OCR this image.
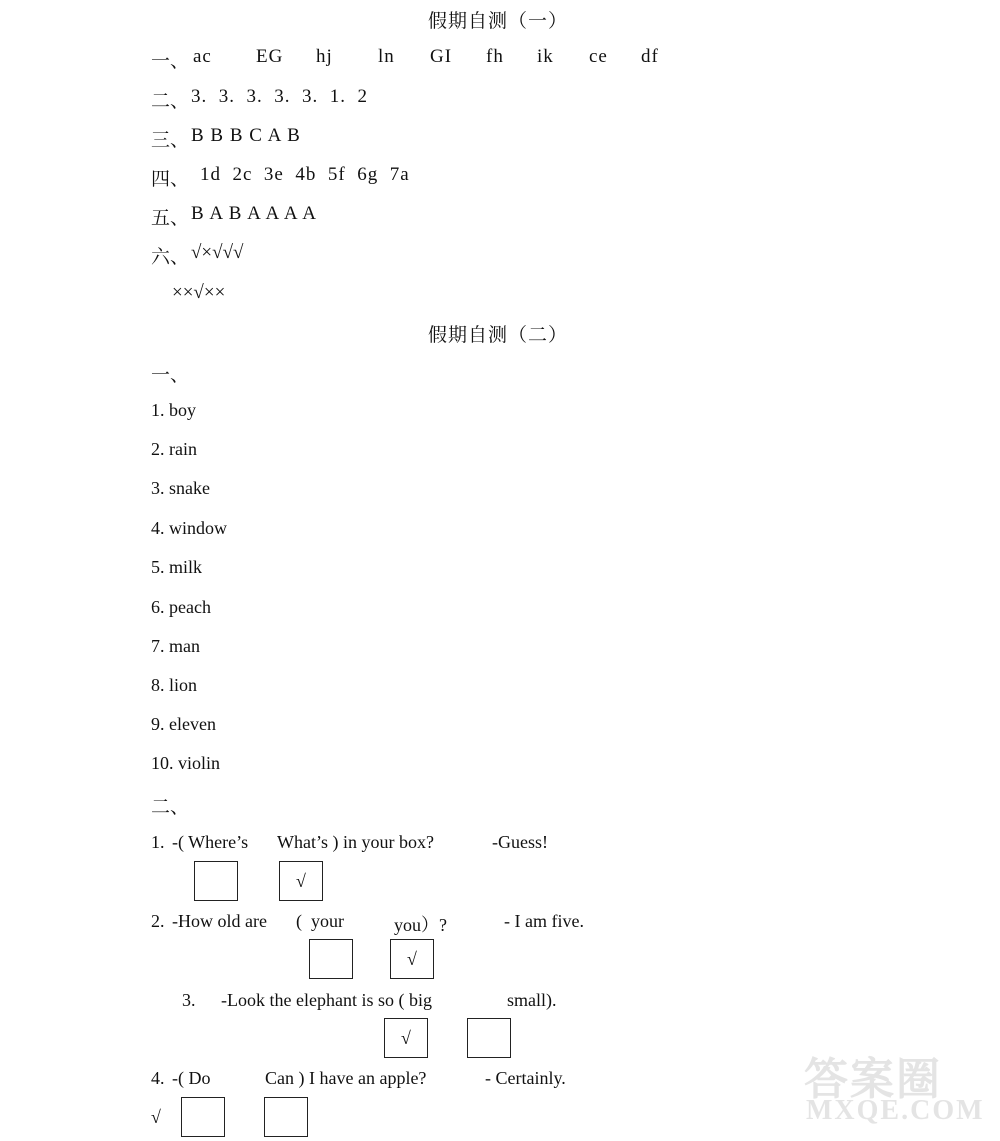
假期自测（一）
一、 ac EG hj ln GI fh ik ce df
二、 3.  3.  3.  3.  3.  1.  2
三、 B B B C A B
四、 1d  2c  3e  4b  5f  6g  7a
五、 B A B A A A A
六、 √×√√√
××√××
假期自测（二）
一、
1. boy
2. rain
3. snake
4. window
5. milk
6. peach
7. man
8. lion
9. eleven
10. violin
二、
1. -( Where’s What’s ) in your box?	-Guess!
√
2. -How old are (  your	you）?	- I am five.
√
3. -Look the elephant is so ( big	small).
√
4. -( Do	Can ) I have an apple?	- Certainly.
√
答案圈
MXQE.COM
